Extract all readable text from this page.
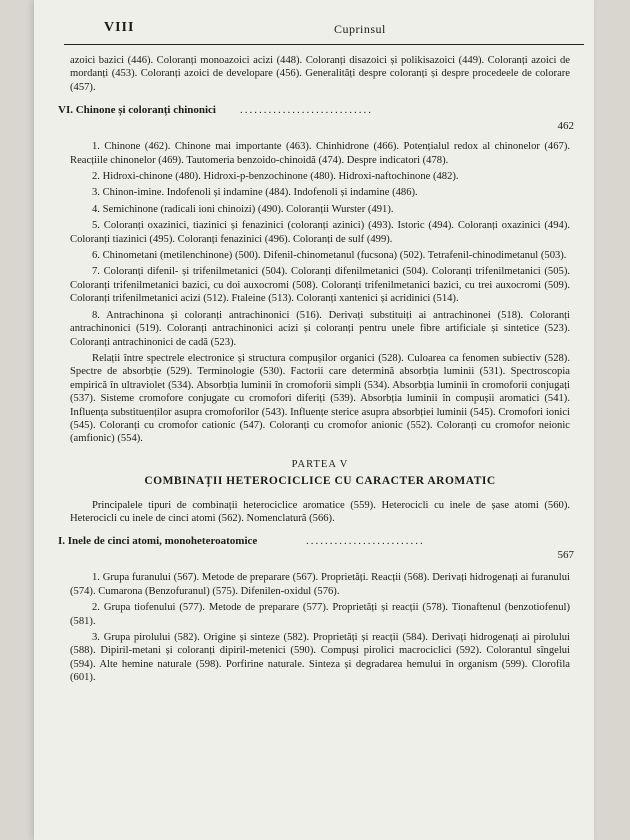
VIII	Cuprinsul

azoici bazici (446). Coloranți monoazoici acizi (448). Coloranți disazoici și polikisazoici (449). Coloranți azoici de mordanți (453). Coloranți azoici de developare (456). Generalități despre coloranți și despre procedeele de colorare (457).

VI. Chinone și coloranți chinonici ............................
462

1. Chinone (462). Chinone mai importante (463). Chinhidrone (466). Potențialul redox al chinonelor (467). Reacțiile chinonelor (469). Tautomeria benzoido-chinoidă (474). Despre indicatori (478).

2. Hidroxi-chinone (480). Hidroxi-p-benzochinone (480). Hidroxi-naftochinone (482).

3. Chinon-imine. Indofenoli și indamine (484). Indofenoli și indamine (486).

4. Semichinone (radicali ioni chinoizi) (490). Coloranții Wurster (491).

5. Coloranți oxazinici, tiazinici și fenazinici (coloranți azinici) (493). Istoric (494). Coloranți oxazinici (494). Coloranți tiazinici (495). Coloranți fenazinici (496). Coloranți de sulf (499).

6. Chinometani (metilenchinone) (500). Difenil-chinometanul (fucsona) (502). Tetrafenil-chinodimetanul (503).

7. Coloranți difenil- și trifenilmetanici (504). Coloranți difenilmetanici (504). Coloranți trifenilmetanici (505). Coloranți trifenilmetanici bazici, cu doi auxocromi (508). Coloranți trifenilmetanici bazici, cu trei auxocromi (509). Coloranți trifenilmetanici acizi (512). Ftaleine (513). Coloranți xantenici și acridinici (514).

8. Antrachinona și coloranți antrachinonici (516). Derivați substituiți ai antrachinonei (518). Coloranți antrachinonici (519). Coloranți antrachinonici acizi și coloranți pentru unele fibre artificiale și sintetice (523). Coloranți antrachinonici de cadă (523).

Relații între spectrele electronice și structura compușilor organici (528). Culoarea ca fenomen subiectiv (528). Spectre de absorbție (529). Terminologie (530). Factorii care determină absorbția luminii (531). Spectroscopia empirică în ultraviolet (534). Absorbția luminii în cromoforii simpli (534). Absorbția luminii în cromoforii conjugați (537). Sisteme cromofore conjugate cu cromofori diferiți (539). Absorbția luminii în compușii aromatici (541). Influența substituenților asupra cromoforilor (543). Influențe sterice asupra absorbției luminii (545). Cromofori ionici (545). Coloranți cu cromofor cationic (547). Coloranți cu cromofor anionic (552). Coloranți cu cromofor neionic (amfionic) (554).

PARTEA V
COMBINAȚII HETEROCICLICE CU CARACTER AROMATIC

Principalele tipuri de combinații heterociclice aromatice (559). Heterocicli cu inele de șase atomi (560). Heterocicli cu inele de cinci atomi (562). Nomenclatură (566).

I. Inele de cinci atomi, monoheteroatomice	.........................
567

1. Grupa furanului (567). Metode de preparare (567). Proprietăți. Reacții (568). Derivați hidrogenați ai furanului (574). Cumarona (Benzofuranul) (575). Difenilen-oxidul (576).

2. Grupa tiofenului (577). Metode de preparare (577). Proprietăți și reacții (578). Tionaftenul (benzotiofenul) (581).

3. Grupa pirolului (582). Origine și sinteze (582). Proprietăți și reacții (584). Derivați hidrogenați ai pirolului (588). Dipiril-metani și coloranți dipiril-metenici (590). Compuși pirolici macrociclici (592). Colorantul sîngelui (594). Alte hemine naturale (598). Porfirine naturale. Sinteza și degradarea hemului în organism (599). Clorofila (601).
